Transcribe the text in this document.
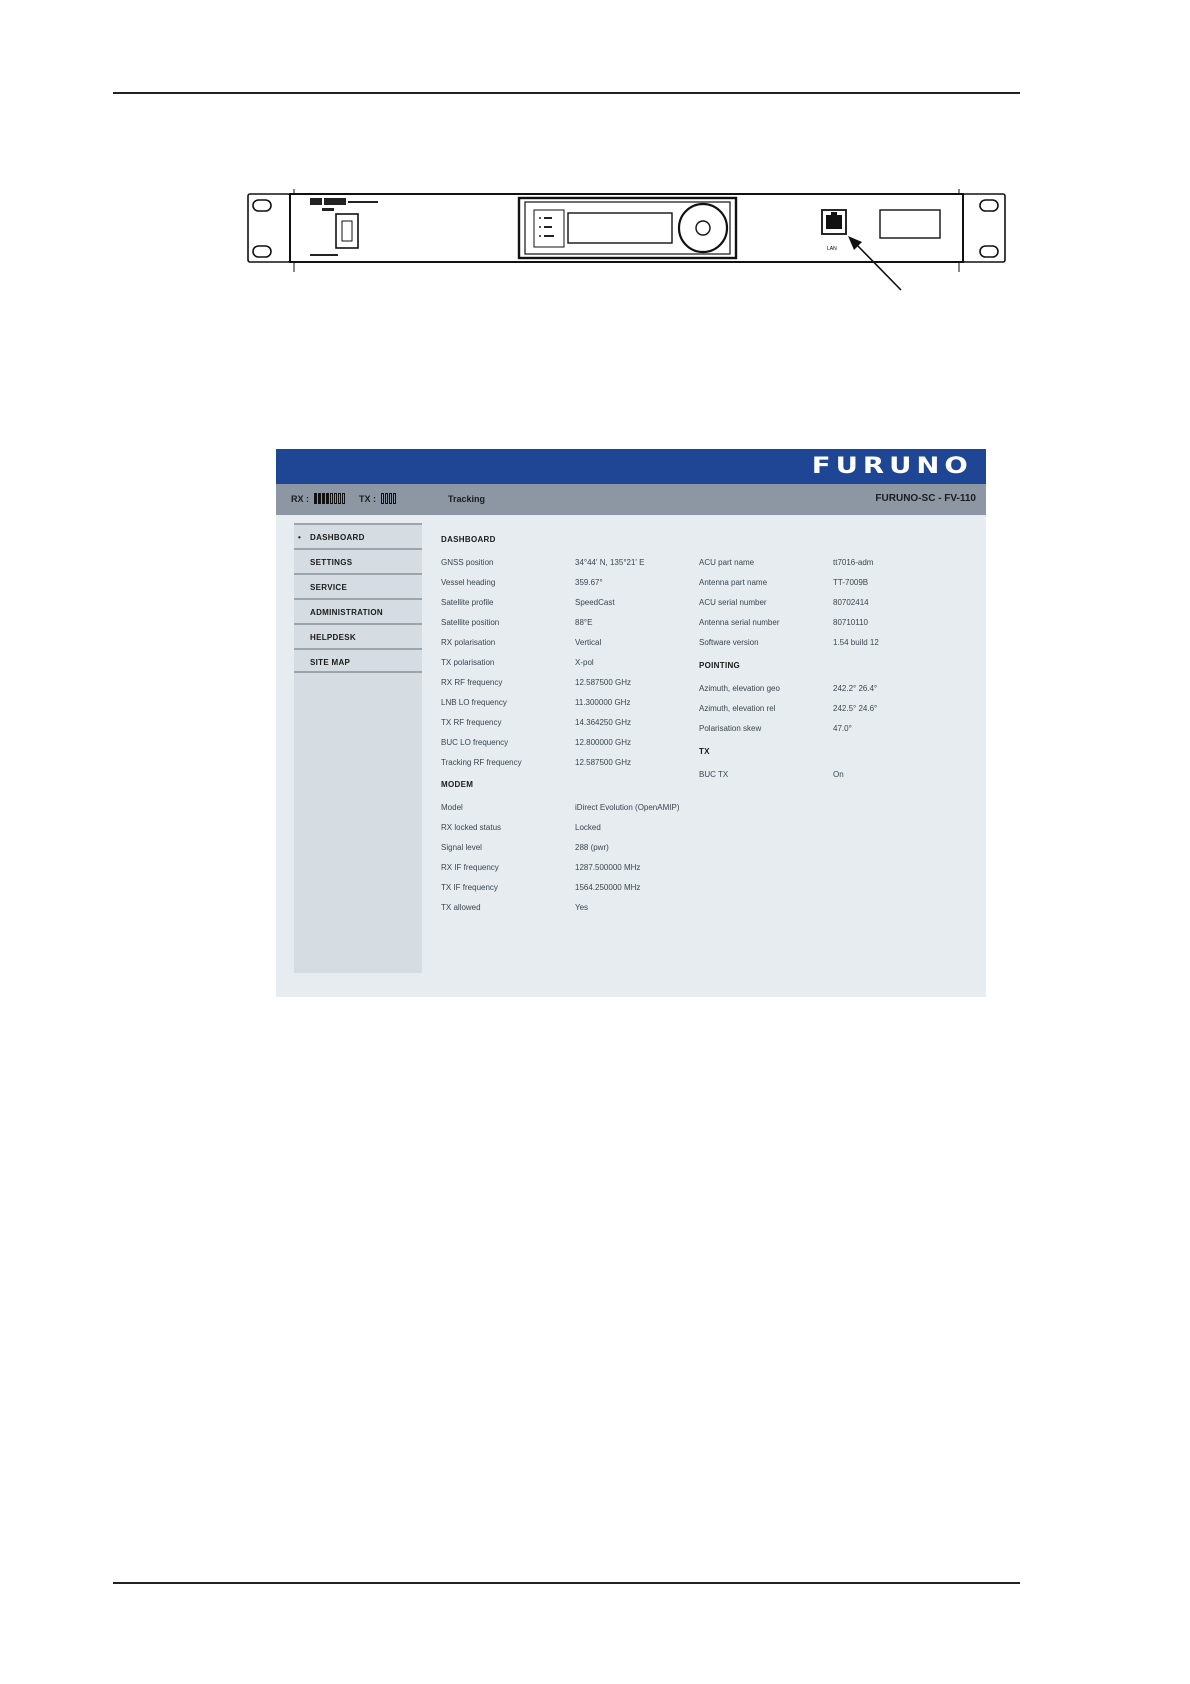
LAN
FURUNO
RX :	TX :	Tracking	FURUNO-SC - FV-110
• DASHBOARD
SETTINGS
SERVICE
ADMINISTRATION
HELPDESK
SITE MAP
DASHBOARD
GNSS position	34°44' N, 135°21' E
Vessel heading	359.67°
Satellite profile	SpeedCast
Satellite position	88°E
RX polarisation	Vertical
TX polarisation	X-pol
RX RF frequency	12.587500 GHz
LNB LO frequency	11.300000 GHz
TX RF frequency	14.364250 GHz
BUC LO frequency	12.800000 GHz
Tracking RF frequency	12.587500 GHz
MODEM
Model	iDirect Evolution (OpenAMIP)
RX locked status	Locked
Signal level	288 (pwr)
RX IF frequency	1287.500000 MHz
TX IF frequency	1564.250000 MHz
TX allowed	Yes
ACU part name	tt7016-adm
Antenna part name	TT-7009B
ACU serial number	80702414
Antenna serial number	80710110
Software version	1.54 build 12
POINTING
Azimuth, elevation geo	242.2° 26.4°
Azimuth, elevation rel	242.5° 24.6°
Polarisation skew	47.0°
TX
BUC TX	On
